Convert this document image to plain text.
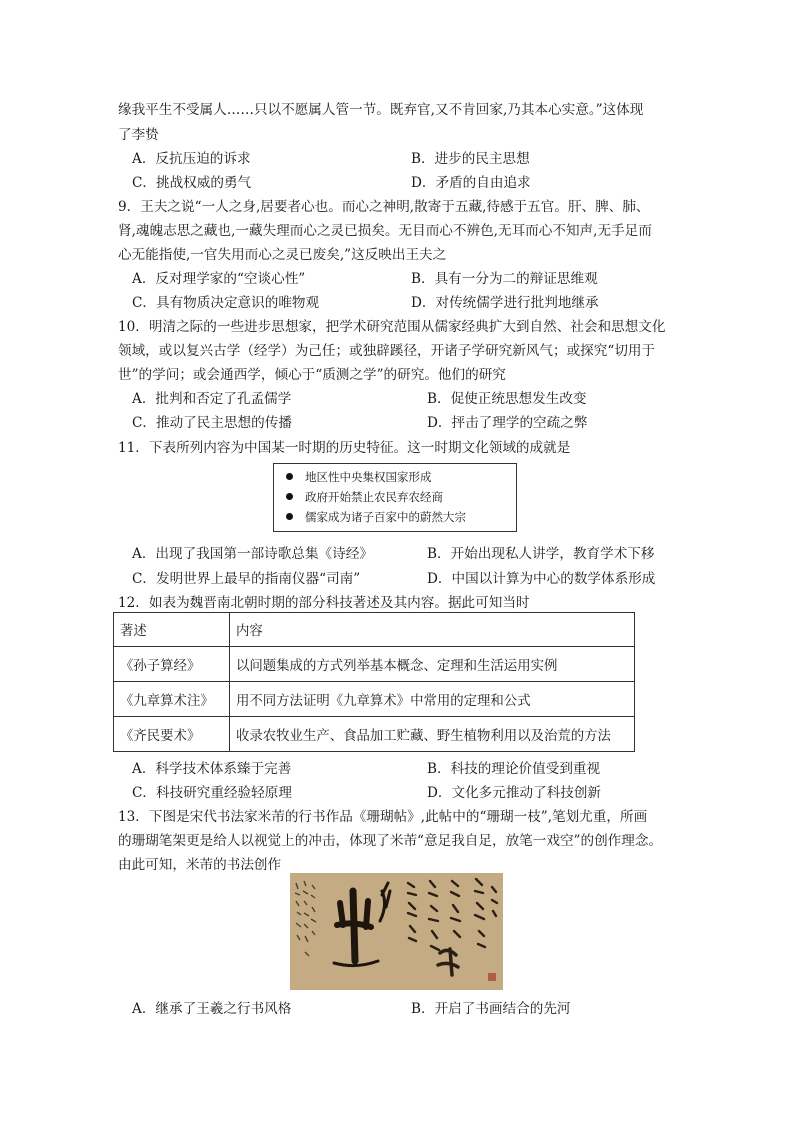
缘我平生不受属人……只以不愿属人管一节。既弃官,又不肯回家,乃其本心实意。”这体现
了李贽
A．反抗压迫的诉求	B．进步的民主思想
C．挑战权威的勇气	D．矛盾的自由追求
9．王夫之说“一人之身,居要者心也。而心之神明,散寄于五藏,待感于五官。肝、脾、肺、
肾,魂魄志思之藏也,一藏失理而心之灵已损矣。无目而心不辨色,无耳而心不知声,无手足而
心无能指使,一官失用而心之灵已废矣,”这反映出王夫之
A．反对理学家的“空谈心性”	B．具有一分为二的辩证思维观
C．具有物质决定意识的唯物观	D．对传统儒学进行批判地继承
10．明清之际的一些进步思想家，把学术研究范围从儒家经典扩大到自然、社会和思想文化
领域，或以复兴古学（经学）为己任；或独辟蹊径，开诸子学研究新风气；或探究“切用于
世”的学问；或会通西学，倾心于“质测之学”的研究。他们的研究
A．批判和否定了孔孟儒学	B．促使正统思想发生改变
C．推动了民主思想的传播	D．抨击了理学的空疏之弊
11．下表所列内容为中国某一时期的历史特征。这一时期文化领域的成就是
地区性中央集权国家形成
政府开始禁止农民弃农经商
儒家成为诸子百家中的蔚然大宗
A．出现了我国第一部诗歌总集《诗经》	B．开始出现私人讲学，教育学术下移
C．发明世界上最早的指南仪器“司南”	D．中国以计算为中心的数学体系形成
12．如表为魏晋南北朝时期的部分科技著述及其内容。据此可知当时
著述	内容
《孙子算经》	以问题集成的方式列举基本概念、定理和生活运用实例
《九章算术注》	用不同方法证明《九章算术》中常用的定理和公式
《齐民要术》	收录农牧业生产、食品加工贮藏、野生植物利用以及治荒的方法
A．科学技术体系臻于完善	B．科技的理论价值受到重视
C．科技研究重经验轻原理	D．文化多元推动了科技创新
13．下图是宋代书法家米芾的行书作品《珊瑚帖》,此帖中的“珊瑚一枝”,笔划尤重，所画
的珊瑚笔架更是给人以视觉上的冲击，体现了米芾“意足我自足，放笔一戏空”的创作理念。
由此可知，米芾的书法创作
A．继承了王羲之行书风格	B．开启了书画结合的先河
